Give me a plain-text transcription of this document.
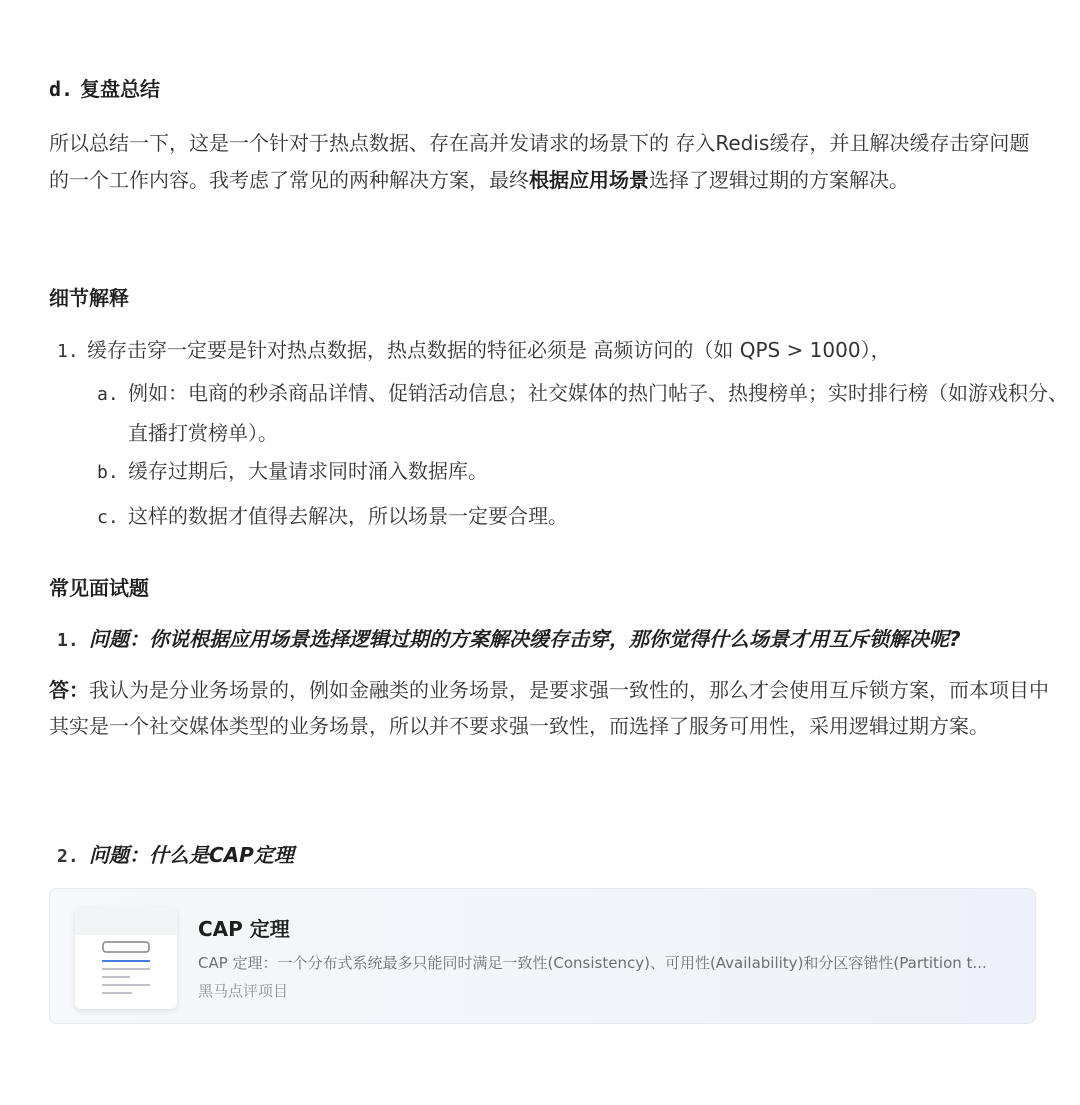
d. 复盘总结

所以总结一下，这是一个针对于热点数据、存在高并发请求的场景下的 存入Redis缓存，并且解决缓存击穿问题的一个工作内容。我考虑了常见的两种解决方案，最终根据应用场景选择了逻辑过期的方案解决。

细节解释

1. 缓存击穿一定要是针对热点数据，热点数据的特征必须是 高频访问的（如 QPS > 1000），

a. 例如：电商的秒杀商品详情、促销活动信息；社交媒体的热门帖子、热搜榜单；实时排行榜（如游戏积分、直播打赏榜单）。

b. 缓存过期后，大量请求同时涌入数据库。

c. 这样的数据才值得去解决，所以场景一定要合理。

常见面试题

1. 问题：你说根据应用场景选择逻辑过期的方案解决缓存击穿，那你觉得什么场景才用互斥锁解决呢?

答：我认为是分业务场景的，例如金融类的业务场景，是要求强一致性的，那么才会使用互斥锁方案，而本项目中其实是一个社交媒体类型的业务场景，所以并不要求强一致性，而选择了服务可用性，采用逻辑过期方案。

2. 问题：什么是CAP定理

CAP 定理
CAP 定理：一个分布式系统最多只能同时满足一致性(Consistency)、可用性(Availability)和分区容错性(Partition t...
黑马点评项目
